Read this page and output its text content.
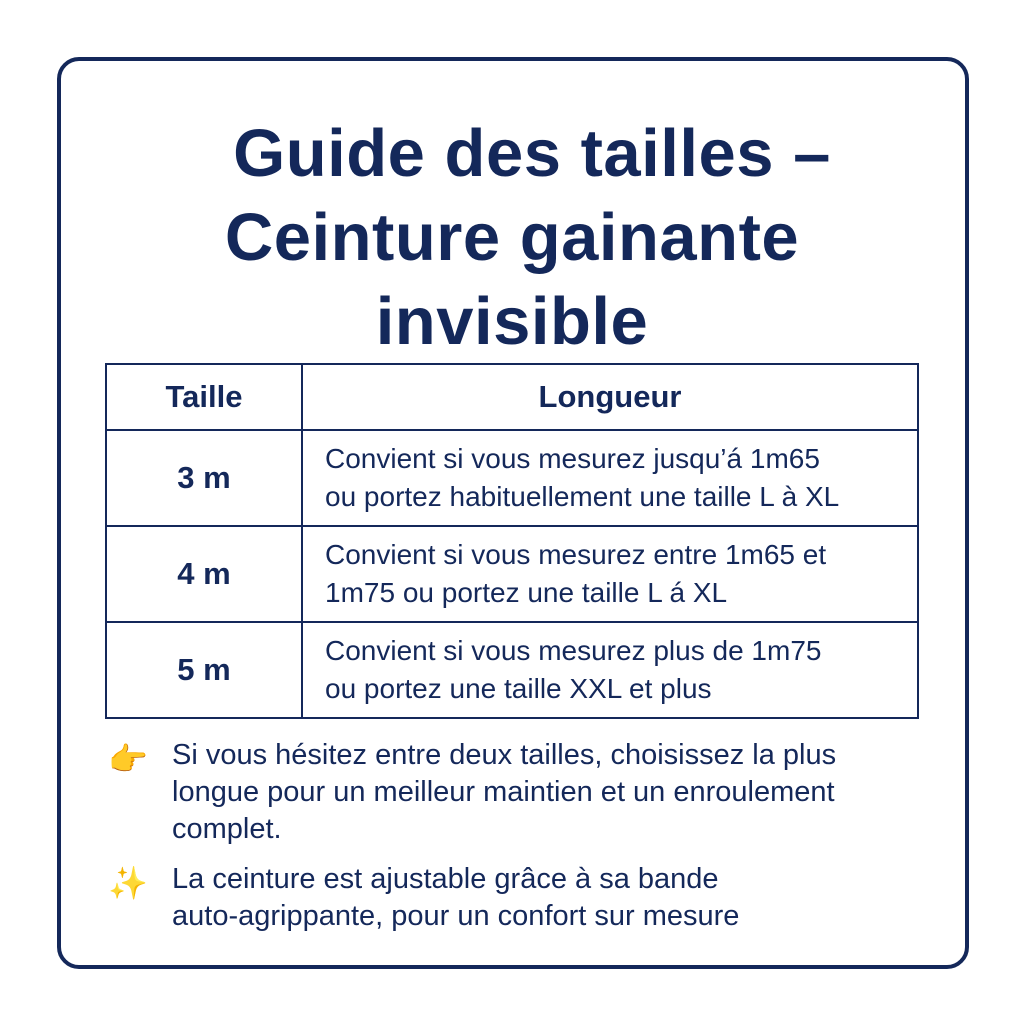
Guide des tailles –
Ceinture gainante
invisible
Taille	Longueur
3 m	Convient si vous mesurez jusqu’á 1m65
ou portez habituellement une taille L à XL

4 m	Convient si vous mesurez entre 1m65 et
1m75 ou portez une taille L á XL

5 m	Convient si vous mesurez plus de 1m75
ou portez une taille XXL et plus
👉 Si vous hésitez entre deux tailles, choisissez la plus
longue pour un meilleur maintien et un enroulement
complet.
✨ La ceinture est ajustable grâce à sa bande
auto-agrippante, pour un confort sur mesure
